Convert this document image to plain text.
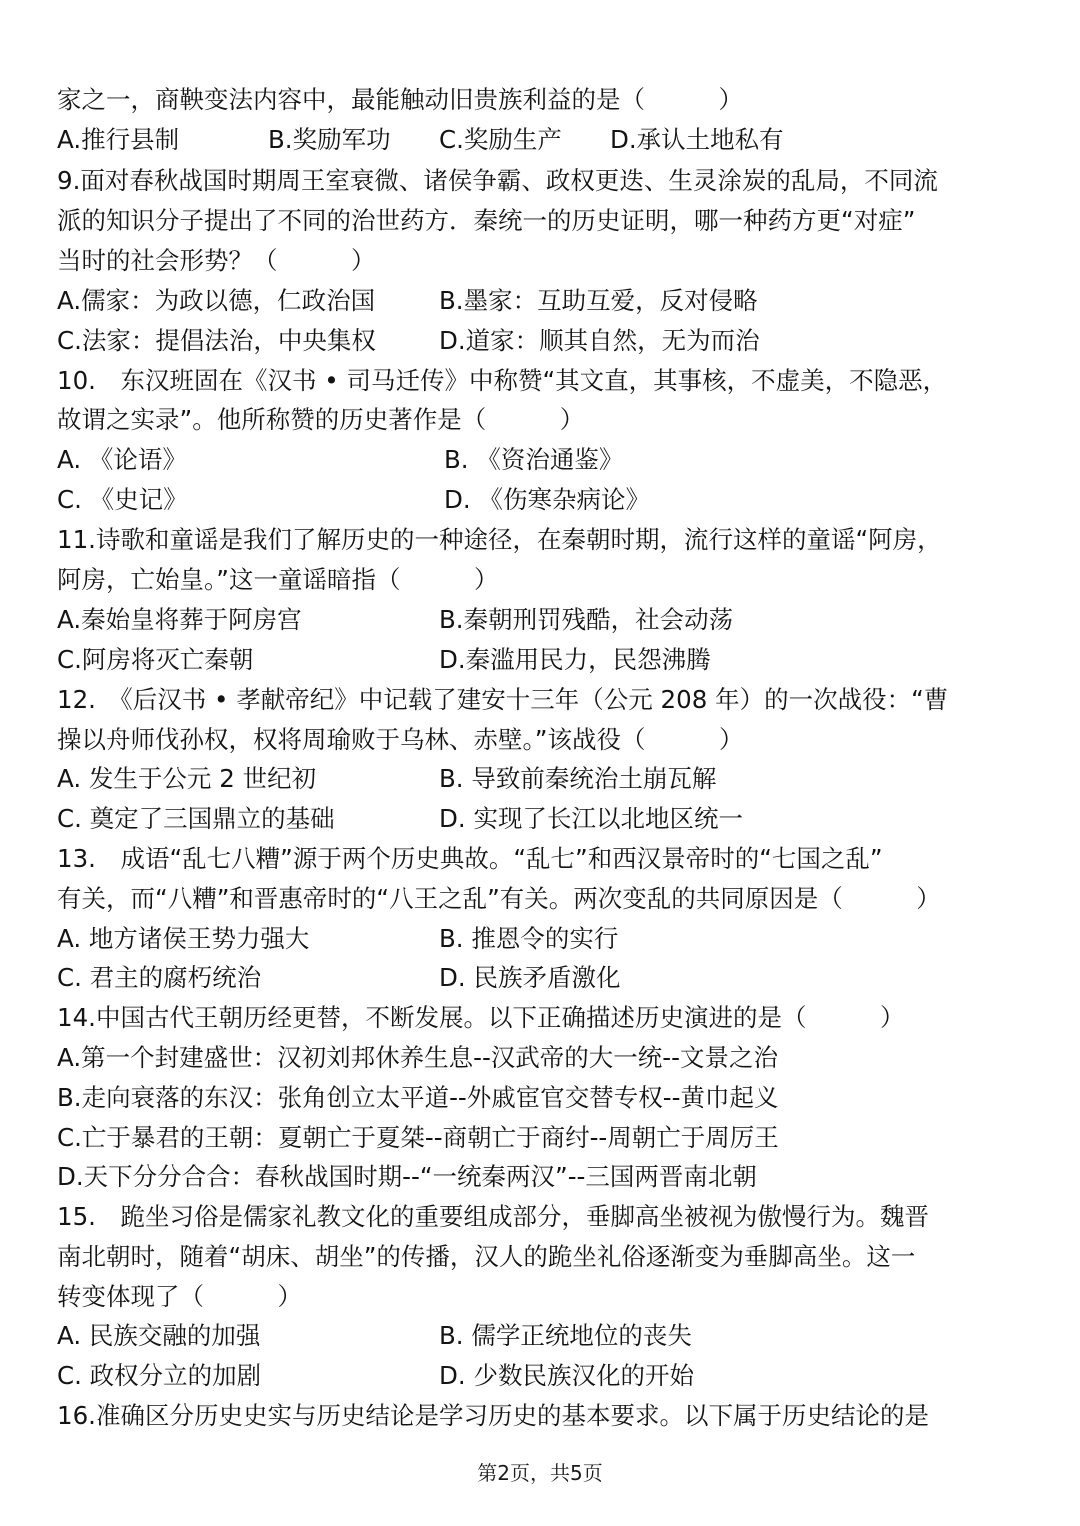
家之一，商鞅变法内容中，最能触动旧贵族利益的是（　　　）
A.推行县制	B.奖励军功 C.奖励生产 D.承认土地私有
9.面对春秋战国时期周王室衰微、诸侯争霸、政权更迭、生灵涂炭的乱局，不同流
派的知识分子提出了不同的治世药方．秦统一的历史证明，哪一种药方更“对症”
当时的社会形势？（　　　）
A.儒家：为政以德，仁政治国	B.墨家：互助互爱，反对侵略
C.法家：提倡法治，中央集权	D.道家：顺其自然，无为而治
10.　东汉班固在《汉书 • 司马迁传》中称赞“其文直，其事核，不虚美，不隐恶，
故谓之实录”。他所称赞的历史著作是（　　　）
A. 《论语》	B. 《资治通鉴》
C. 《史记》	D. 《伤寒杂病论》
11.诗歌和童谣是我们了解历史的一种途径，在秦朝时期，流行这样的童谣“阿房，
阿房，亡始皇。”这一童谣暗指（　　　）
A.秦始皇将葬于阿房宫	B.秦朝刑罚残酷，社会动荡
C.阿房将灭亡秦朝	D.秦滥用民力，民怨沸腾
12.　《后汉书 • 孝献帝纪》中记载了建安十三年（公元 208 年）的一次战役：“曹
操以舟师伐孙权，权将周瑜败于乌林、赤壁。”该战役（　　　）
A. 发生于公元 2 世纪初	B. 导致前秦统治土崩瓦解
C. 奠定了三国鼎立的基础	D. 实现了长江以北地区统一
13.　成语“乱七八糟”源于两个历史典故。“乱七”和西汉景帝时的“七国之乱”
有关，而“八糟”和晋惠帝时的“八王之乱”有关。两次变乱的共同原因是（　　　）
A. 地方诸侯王势力强大	B. 推恩令的实行
C. 君主的腐朽统治	D. 民族矛盾激化
14.中国古代王朝历经更替，不断发展。以下正确描述历史演进的是（　　　）
A.第一个封建盛世：汉初刘邦休养生息--汉武帝的大一统--文景之治
B.走向衰落的东汉：张角创立太平道--外戚宦官交替专权--黄巾起义
C.亡于暴君的王朝：夏朝亡于夏桀--商朝亡于商纣--周朝亡于周厉王
D.天下分分合合：春秋战国时期--“一统秦两汉”--三国两晋南北朝
15.　跪坐习俗是儒家礼教文化的重要组成部分，垂脚高坐被视为傲慢行为。魏晋
南北朝时，随着“胡床、胡坐”的传播，汉人的跪坐礼俗逐渐变为垂脚高坐。这一
转变体现了（　　　）
A. 民族交融的加强	B. 儒学正统地位的丧失
C. 政权分立的加剧	D. 少数民族汉化的开始
16.准确区分历史史实与历史结论是学习历史的基本要求。以下属于历史结论的是
第2页，共5页
